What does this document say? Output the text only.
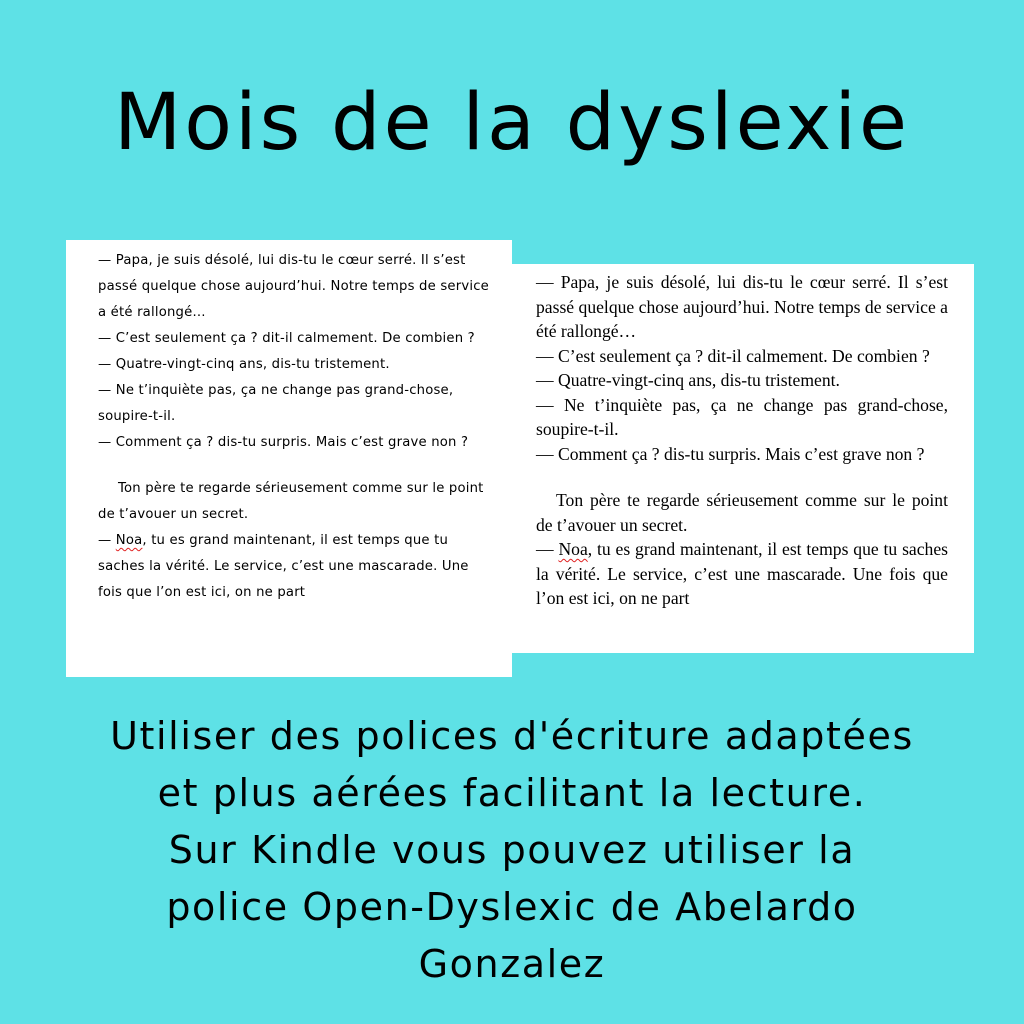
Mois de la dyslexie

— Papa, je suis désolé, lui dis-tu le cœur serré. Il s’est passé quelque chose aujourd’hui. Notre temps de service a été rallongé…

— C’est seulement ça ? dit-il calmement. De combien ?

— Quatre-vingt-cinq ans, dis-tu tristement.

— Ne t’inquiète pas, ça ne change pas grand-chose, soupire-t-il.

— Comment ça ? dis-tu surpris. Mais c’est grave non ?

Ton père te regarde sérieusement comme sur le point de t’avouer un secret.

— Noa, tu es grand maintenant, il est temps que tu saches la vérité. Le service, c’est une mascarade. Une fois que l’on est ici, on ne part

— Papa, je suis désolé, lui dis-tu le cœur serré. Il s’est passé quelque chose aujourd’hui. Notre temps de service a été rallongé…

— C’est seulement ça ? dit-il calmement. De combien ?

— Quatre-vingt-cinq ans, dis-tu tristement.

— Ne t’inquiète pas, ça ne change pas grand-chose, soupire-t-il.

— Comment ça ? dis-tu surpris. Mais c’est grave non ?

Ton père te regarde sérieusement comme sur le point de t’avouer un secret.

— Noa, tu es grand maintenant, il est temps que tu saches la vérité. Le service, c’est une mascarade. Une fois que l’on est ici, on ne part

Utiliser des polices d'écriture adaptées
et plus aérées facilitant la lecture.
Sur Kindle vous pouvez utiliser la
police Open-Dyslexic de Abelardo
Gonzalez
